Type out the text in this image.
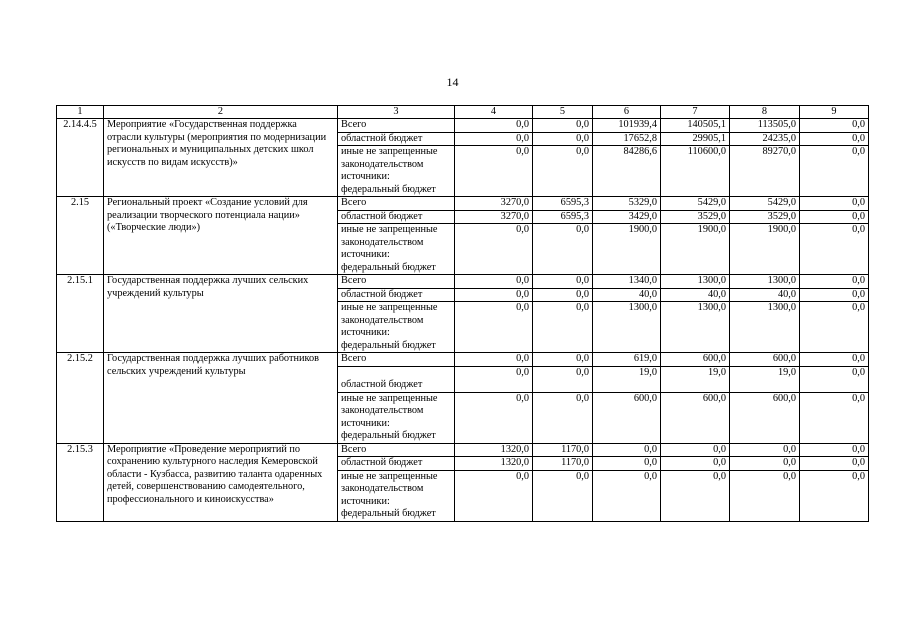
14
1	2	3	4	5	6	7	8	9
2.14.4.5	Мероприятие «Государственная поддержка отрасли культуры (мероприятия по модернизации региональных и муниципальных детских школ искусств по видам искусств)»	Всего	0,0	0,0	101939,4	140505,1	113505,0	0,0

		областной бюджет	0,0	0,0	17652,8	29905,1	24235,0	0,0

		иные не запрещенные
законодательством
источники:
федеральный бюджет	0,0	0,0	84286,6	110600,0	89270,0	0,0
2.15	Региональный проект «Создание условий для реализации творческого потенциала нации» («Творческие люди»)	Всего	3270,0	6595,3	5329,0	5429,0	5429,0	0,0

		областной бюджет	3270,0	6595,3	3429,0	3529,0	3529,0	0,0

		иные не запрещенные
законодательством
источники:
федеральный бюджет	0,0	0,0	1900,0	1900,0	1900,0	0,0
2.15.1	Государственная поддержка лучших сельских учреждений культуры	Всего	0,0	0,0	1340,0	1300,0	1300,0	0,0

		областной бюджет	0,0	0,0	40,0	40,0	40,0	0,0

		иные не запрещенные
законодательством
источники:
федеральный бюджет	0,0	0,0	1300,0	1300,0	1300,0	0,0
2.15.2	Государственная поддержка лучших работников сельских учреждений культуры	Всего	0,0	0,0	619,0	600,0	600,0	0,0

		областной бюджет	0,0	0,0	19,0	19,0	19,0	0,0

		иные не запрещенные
законодательством
источники:
федеральный бюджет	0,0	0,0	600,0	600,0	600,0	0,0
2.15.3	Мероприятие «Проведение мероприятий по сохранению культурного наследия Кемеровской области - Кузбасса, развитию таланта одаренных детей, совершенствованию самодеятельного, профессионального и киноискусства»	Всего	1320,0	1170,0	0,0	0,0	0,0	0,0

		областной бюджет	1320,0	1170,0	0,0	0,0	0,0	0,0

		иные не запрещенные
законодательством
источники:
федеральный бюджет	0,0	0,0	0,0	0,0	0,0	0,0
